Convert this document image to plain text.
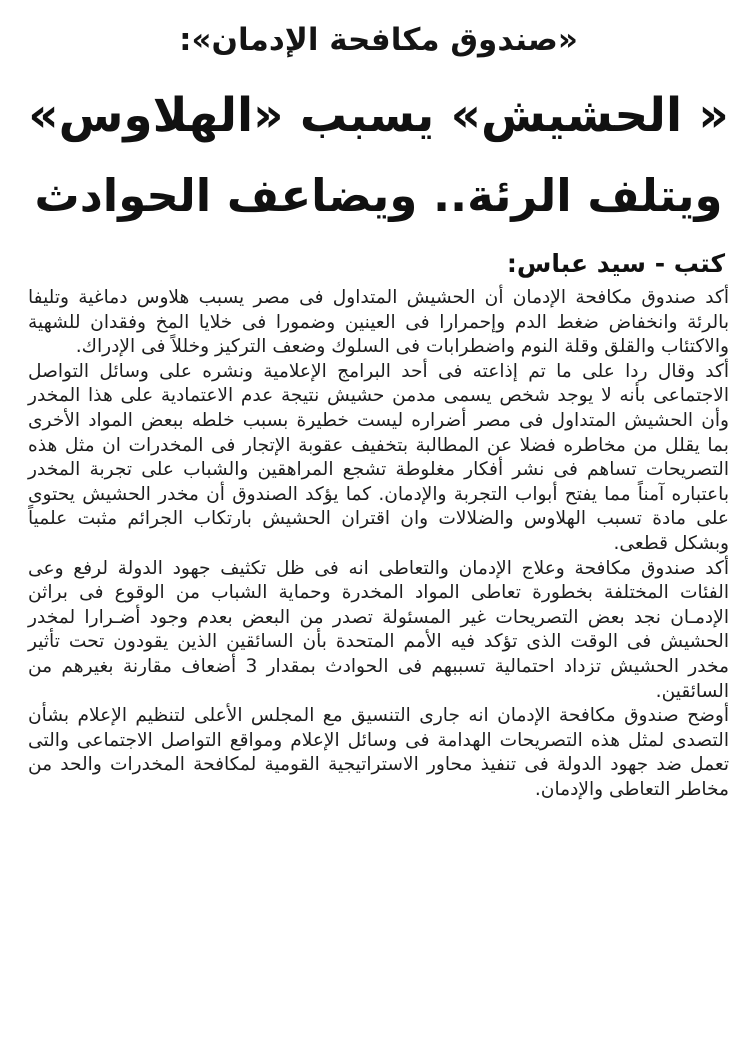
«صندوق مكافحة الإدمان»:
« الحشيش» يسبب «الهلاوس»
ويتلف الرئة.. ويضاعف الحوادث
كتب - سيد عباس:

أكد صندوق مكافحة الإدمان أن الحشيش المتداول فى مصر يسبب هلاوس دماغية وتليفا بالرئة وانخفاض ضغط الدم وإحمرارا فى العينين وضمورا فى خلايا المخ وفقدان للشهية والاكتئاب والقلق وقلة النوم واضطرابات فى السلوك وضعف التركيز وخللاً فى الإدراك.

أكد وقال ردا على ما تم إذاعته فى أحد البرامج الإعلامية ونشره على وسائل التواصل الاجتماعى بأنه لا يوجد شخص يسمى مدمن حشيش نتيجة عدم الاعتمادية على هذا المخدر وأن الحشيش المتداول فى مصر أضراره ليست خطيرة بسبب خلطه ببعض المواد الأخرى بما يقلل من مخاطره فضلا عن المطالبة بتخفيف عقوبة الإتجار فى المخدرات ان مثل هذه التصريحات تساهم فى نشر أفكار مغلوطة تشجع المراهقين والشباب على تجربة المخدر باعتباره آمناً مما يفتح أبواب التجربة والإدمان. كما يؤكد الصندوق أن مخدر الحشيش يحتوى على مادة تسبب الهلاوس والضلالات وان اقتران الحشيش بارتكاب الجرائم مثبت علمياً وبشكل قطعى.

أكد صندوق مكافحة وعلاج الإدمان والتعاطى انه فى ظل تكثيف جهود الدولة لرفع وعى الفئات المختلفة بخطورة تعاطى المواد المخدرة وحماية الشباب من الوقوع فى براثن الإدمـان نجد بعض التصريحات غير المسئولة تصدر من البعض بعدم وجود أضـرارا لمخدر الحشيش فى الوقت الذى تؤكد فيه الأمم المتحدة بأن السائقين الذين يقودون تحت تأثير مخدر الحشيش تزداد احتمالية تسببهم فى الحوادث بمقدار 3 أضعاف مقارنة بغيرهم من السائقين.

أوضح صندوق مكافحة الإدمان انه جارى التنسيق مع المجلس الأعلى لتنظيم الإعلام بشأن التصدى لمثل هذه التصريحات الهدامة فى وسائل الإعلام ومواقع التواصل الاجتماعى والتى تعمل ضد جهود الدولة فى تنفيذ محاور الاستراتيجية القومية لمكافحة المخدرات والحد من مخاطر التعاطى والإدمان.
